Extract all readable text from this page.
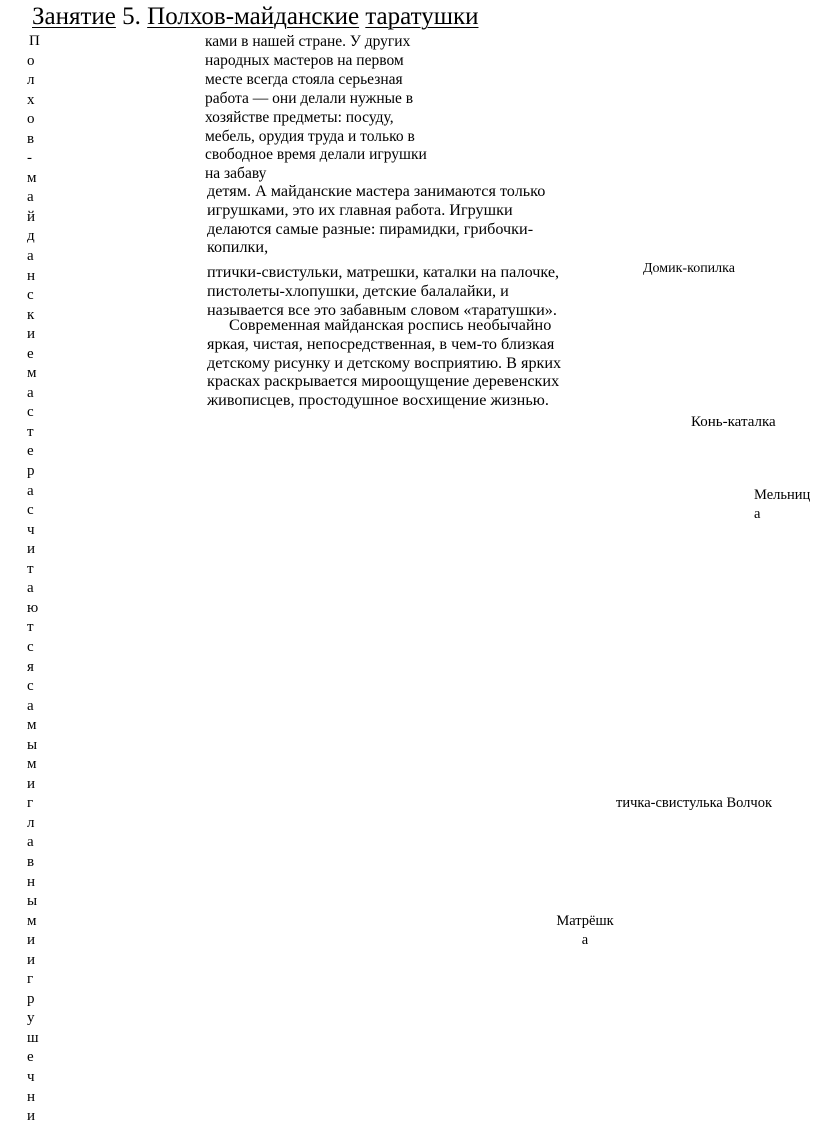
Занятие 5. Полхов-майданские таратушки
П
о
л
х
о
в
-
м
а
й
д
а
н
с
к
и
е
м
а
с
т
е
р
а
с
ч
и
т
а
ю
т
с
я
с
а
м
ы
м
и
г
л
а
в
н
ы
м
и
и
г
р
у
ш
е
ч
н
и

ками в нашей стране. У других

народных мастеров на первом

месте всегда стояла серьезная

работа — они делали нужные в

хозяйстве предметы: посуду,

мебель, орудия труда и только в

свободное время делали игрушки

на забаву

детям. А майданские мастера занимаются только

игрушками, это их главная работа. Игрушки

делаются самые разные: пирамидки, грибочки-

копилки,

птички-свистульки, матрешки, каталки на палочке,

пистолеты-хлопушки, детские балалайки, и

называется все это забавным словом «таратушки».

Современная майданская роспись необычайно

яркая, чистая, непосредственная, в чем-то близкая

детскому рисунку и детскому восприятию. В ярких

красках раскрывается мироощущение деревенских

живописцев, простодушное восхищение жизнью.

Домик-копилка
Конь-каталка
Мельниц
а
тичка-свистулька Волчок
Матрёшк
а
